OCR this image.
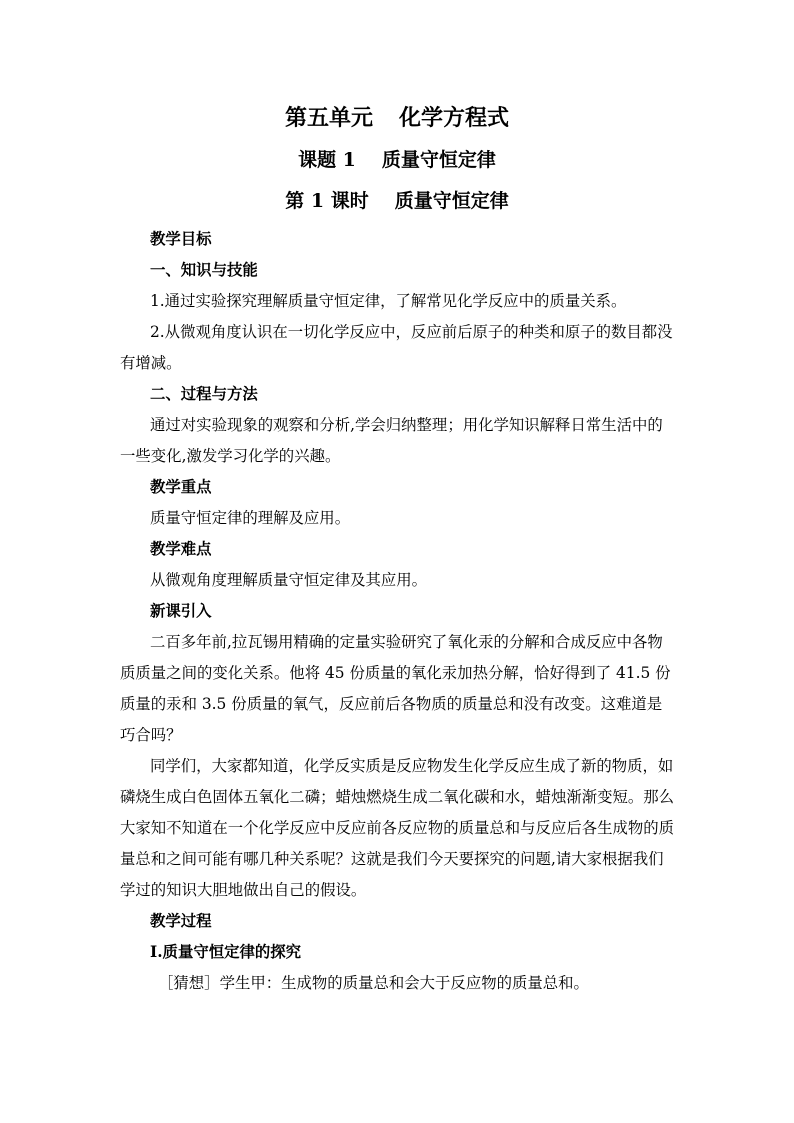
第五单元 化学方程式
课题 1 质量守恒定律
第 1 课时 质量守恒定律

教学目标

一、知识与技能

1.通过实验探究理解质量守恒定律，了解常见化学反应中的质量关系。

2.从微观角度认识在一切化学反应中，反应前后原子的种类和原子的数目都没有增减。

二、过程与方法

通过对实验现象的观察和分析,学会归纳整理；用化学知识解释日常生活中的一些变化,激发学习化学的兴趣。

教学重点

质量守恒定律的理解及应用。

教学难点

从微观角度理解质量守恒定律及其应用。

新课引入

二百多年前,拉瓦锡用精确的定量实验研究了氧化汞的分解和合成反应中各物质质量之间的变化关系。他将 45 份质量的氧化汞加热分解，恰好得到了 41.5 份质量的汞和 3.5 份质量的氧气，反应前后各物质的质量总和没有改变。这难道是巧合吗？

同学们，大家都知道，化学反实质是反应物发生化学反应生成了新的物质，如磷烧生成白色固体五氧化二磷；蜡烛燃烧生成二氧化碳和水，蜡烛渐渐变短。那么大家知不知道在一个化学反应中反应前各反应物的质量总和与反应后各生成物的质量总和之间可能有哪几种关系呢？这就是我们今天要探究的问题,请大家根据我们学过的知识大胆地做出自己的假设。

教学过程

Ⅰ.质量守恒定律的探究

［猜想］学生甲：生成物的质量总和会大于反应物的质量总和。
